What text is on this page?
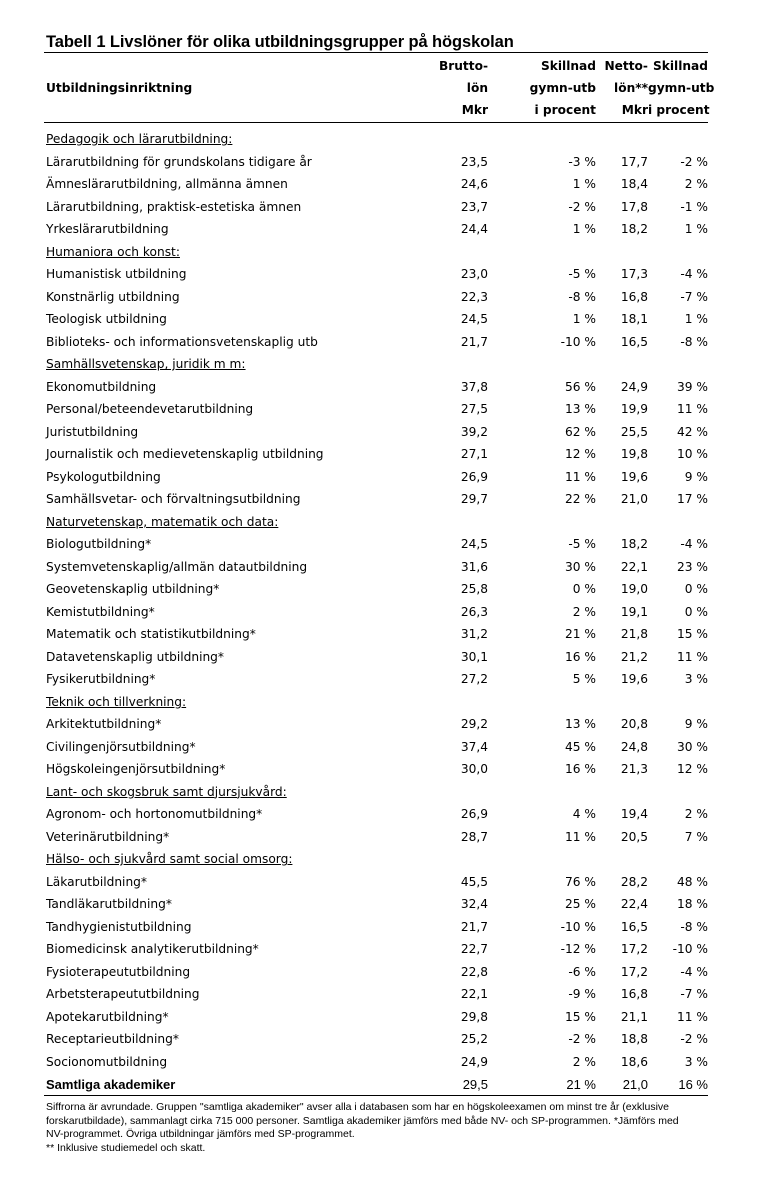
Tabell 1 Livslöner för olika utbildningsgrupper på högskolan
	Brutto-	Skillnad	Netto-	Skillnad
Utbildningsinriktning	lön	gymn-utb	lön**	gymn-utb
	Mkr	i procent	Mkr	i procent

Pedagogik och lärarutbildning:				
Lärarutbildning för grundskolans tidigare år	23,5	-3 %	17,7	-2 %
Ämneslärarutbildning, allmänna ämnen	24,6	1 %	18,4	2 %
Lärarutbildning, praktisk-estetiska ämnen	23,7	-2 %	17,8	-1 %
Yrkeslärarutbildning	24,4	1 %	18,2	1 %
Humaniora och konst:				
Humanistisk utbildning	23,0	-5 %	17,3	-4 %
Konstnärlig utbildning	22,3	-8 %	16,8	-7 %
Teologisk utbildning	24,5	1 %	18,1	1 %
Biblioteks- och informationsvetenskaplig utb	21,7	-10 %	16,5	-8 %
Samhällsvetenskap, juridik m m:				
Ekonomutbildning	37,8	56 %	24,9	39 %
Personal/beteendevetarutbildning	27,5	13 %	19,9	11 %
Juristutbildning	39,2	62 %	25,5	42 %
Journalistik och medievetenskaplig utbildning	27,1	12 %	19,8	10 %
Psykologutbildning	26,9	11 %	19,6	9 %
Samhällsvetar- och förvaltningsutbildning	29,7	22 %	21,0	17 %
Naturvetenskap, matematik och data:				
Biologutbildning*	24,5	-5 %	18,2	-4 %
Systemvetenskaplig/allmän datautbildning	31,6	30 %	22,1	23 %
Geovetenskaplig utbildning*	25,8	0 %	19,0	0 %
Kemistutbildning*	26,3	2 %	19,1	0 %
Matematik och statistikutbildning*	31,2	21 %	21,8	15 %
Datavetenskaplig utbildning*	30,1	16 %	21,2	11 %
Fysikerutbildning*	27,2	5 %	19,6	3 %
Teknik och tillverkning:				
Arkitektutbildning*	29,2	13 %	20,8	9 %
Civilingenjörsutbildning*	37,4	45 %	24,8	30 %
Högskoleingenjörsutbildning*	30,0	16 %	21,3	12 %
Lant- och skogsbruk samt djursjukvård:				
Agronom- och hortonomutbildning*	26,9	4 %	19,4	2 %
Veterinärutbildning*	28,7	11 %	20,5	7 %
Hälso- och sjukvård samt social omsorg:				
Läkarutbildning*	45,5	76 %	28,2	48 %
Tandläkarutbildning*	32,4	25 %	22,4	18 %
Tandhygienistutbildning	21,7	-10 %	16,5	-8 %
Biomedicinsk analytikerutbildning*	22,7	-12 %	17,2	-10 %
Fysioterapeututbildning	22,8	-6 %	17,2	-4 %
Arbetsterapeututbildning	22,1	-9 %	16,8	-7 %
Apotekarutbildning*	29,8	15 %	21,1	11 %
Receptarieutbildning*	25,2	-2 %	18,8	-2 %
Socionomutbildning	24,9	2 %	18,6	3 %
Samtliga akademiker	29,5	21 %	21,0	16 %

Siffrorna är avrundade. Gruppen "samtliga akademiker" avser alla i databasen som har en högskoleexamen om minst tre år (exklusive forskarutbildade), sammanlagt cirka 715 000 personer. Samtliga akademiker jämförs med både NV- och SP-programmen. *Jämförs med NV-programmet. Övriga utbildningar jämförs med SP-programmet.

** Inklusive studiemedel och skatt.
